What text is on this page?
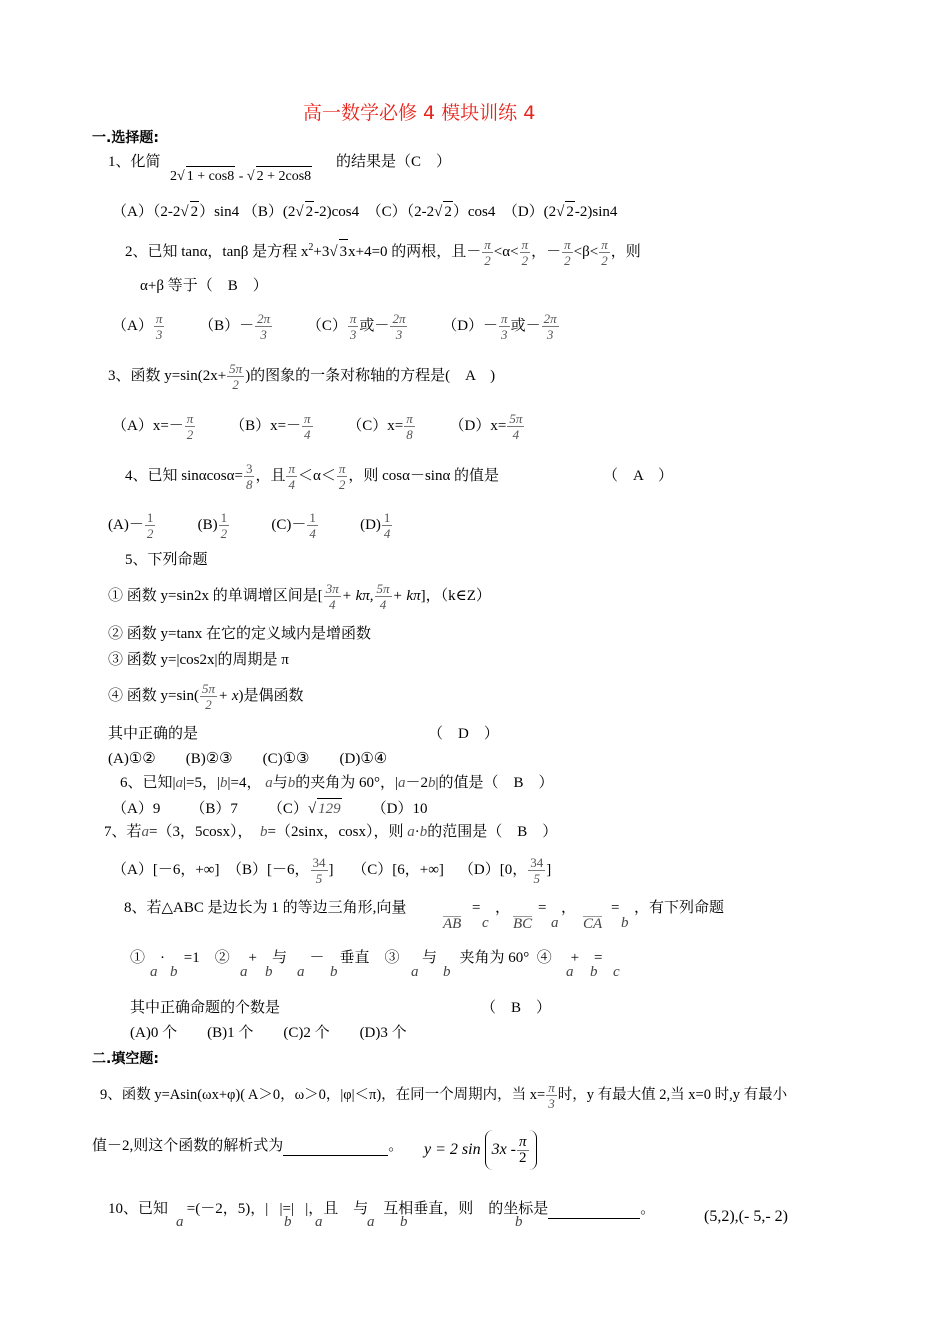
高一数学必修 4 模块训练 4
一.选择题:
1、化简
2√ 1 + cos8 - √ 2 + 2cos8
的结果是（C　）
（A）（2-2√ 2）sin4 （B）(2√ 2-2)cos4 （C）（2-2√ 2）cos4 （D）(2√ 2-2)sin4
2、已知 tanα，tanβ 是方程 $x^2+3√$ 3x+4=0 的两根，且－ $\frac{\pi}{2} <\alpha< \frac{\pi}{2}$ ，－ $\frac{\pi}{2} <\beta< \frac{\pi}{2}$ ，则
α+β 等于（　B　）
$(A) \frac{\pi}{3}$
   $(B)- \frac{2\pi}{3}$
   $(C) \frac{\pi}{3}$ 或－ $\frac{2\pi}{3}$
   $(D)- \frac{\pi}{3}$ 或－ $\frac{2\pi}{3}$
3、函数 $y=\sin(2x+ \frac{5\pi}{2}$ )的图象的一条对称轴的方程是(　A　)
$(A)x=- \frac{\pi}{2}$
   $(B)x=- \frac{\pi}{4}$
   $(C)x= \frac{\pi}{8}$
   $(D)x= \frac{5\pi}{4}$
4、已知 $\sin\alpha\cos\alpha= \frac{3}{8}$ ，且 $\frac{\pi}{4} <\alpha< \frac{\pi}{2}$ ，则 cosα－sinα 的值是	（　A　）
$(A)- \frac{1}{2}$
   	$(B) \frac{1}{2}$
   	$(C)- \frac{1}{4}$
   	$(D) \frac{1}{4}$
5、下列命题
① 函数 y=sin2x 的单调增区间是[ $\frac{3\pi}{4} + k\pi$, $\frac{5\pi}{4} + k\pi$]，（k∈Z）
② 函数 y=tanx 在它的定义域内是增函数
③ 函数 y=|cos2x|的周期是 π
④ 函数 $y=\sin( \frac{5\pi}{2} + x)$是偶函数
其中正确的是	（　D　）
(A)①②　　(B)②③　　(C)①③　　(D)①④
6、已知|a|=5，|b|=4， a与b的夹角为 60°，|a－2b|的值是（　B　）
（A）9   （B）7   （C）√ 129   （D）10
7、若a=（3，5cosx）， b=（2sinx，cosx），则 a·b的范围是（　B　）
（A）[－6，+∞]  （B）[－6， $\frac{34}{5}$ ]   （C）[6，+∞]  （D）[0， $\frac{34}{5}$ ]
8、若△ABC 是边长为 1 的等边三角形,向量	=
AB c
， =
BC a
， =
CA b
，有下列命题
①  ·  =1  ②  +  与   －  垂直  ③   与   夹角为 60°  ④  +  =
a b	a b a b	a b	a b c
其中正确命题的个数是	（　B　）
(A)0 个　　(B)1 个　　(C)2 个　　(D)3 个
二.填空题:
9、函数 y=Asin(ωx+φ)( A＞0，ω＞0，|φ|＜π)，在同一个周期内，当 $x= \frac{\pi}{3}$ 时，y 有最大值 2,当 x=0 时,y 有最小
值－2,则这个函数的解析式为	。 y = 2 $\sin 3x - \frac{\pi}{2}$
10、已知  =(－2，5)，|  |=|  |，且  与  互相垂直，则  的坐标是	。
a	b a	a b	b	(5,2),(- 5,- 2)
